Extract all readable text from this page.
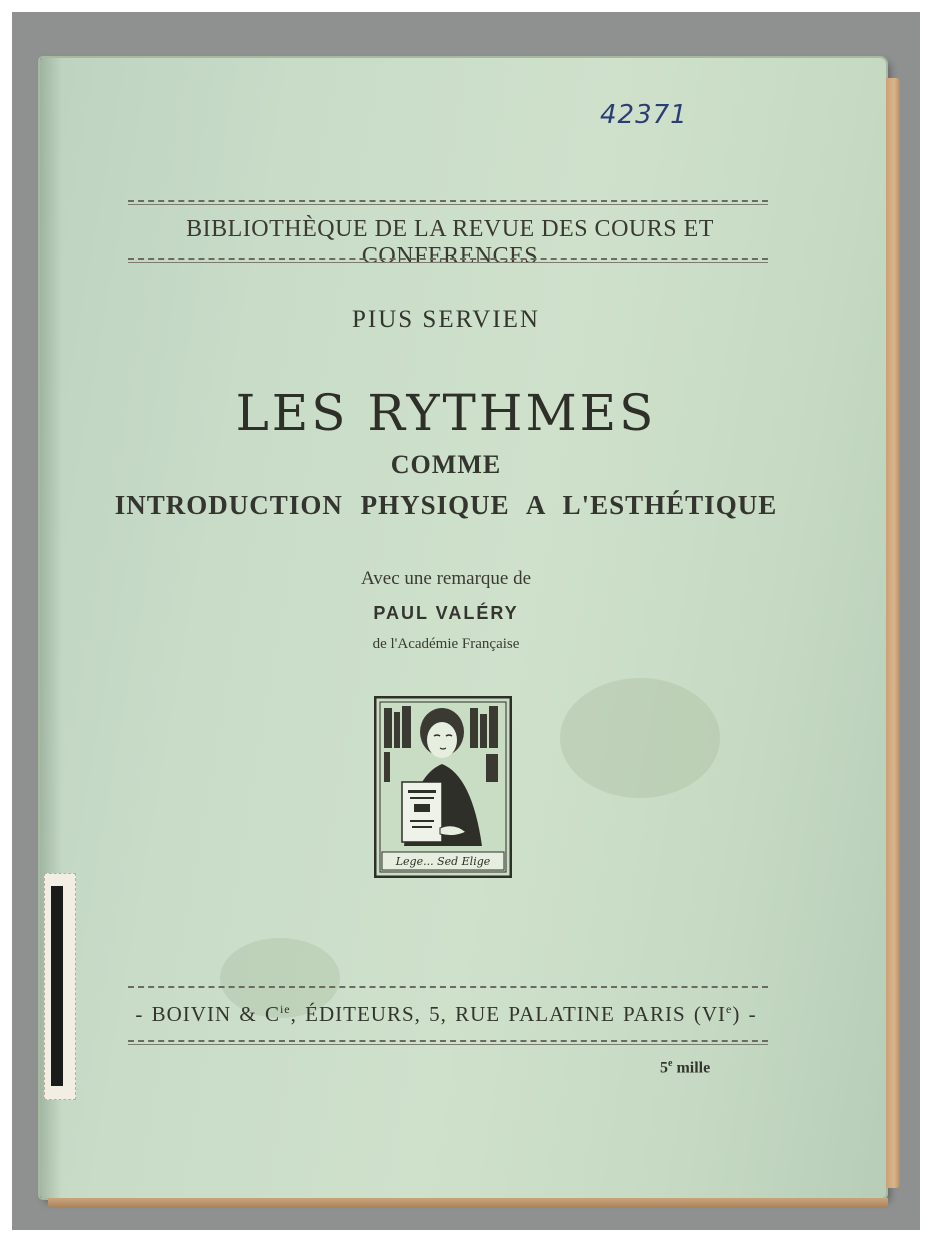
42371
BIBLIOTHÈQUE DE LA REVUE DES COURS ET CONFERENCES
PIUS SERVIEN
LES RYTHMES
COMME
INTRODUCTION PHYSIQUE A L'ESTHÉTIQUE
Avec une remarque de
PAUL VALÉRY
de l'Académie Française
Lege... Sed Elige
- BOIVIN & $C^{ie}$, ÉDITEURS, 5, RUE PALATINE PARIS (VIe) -
5e mille
